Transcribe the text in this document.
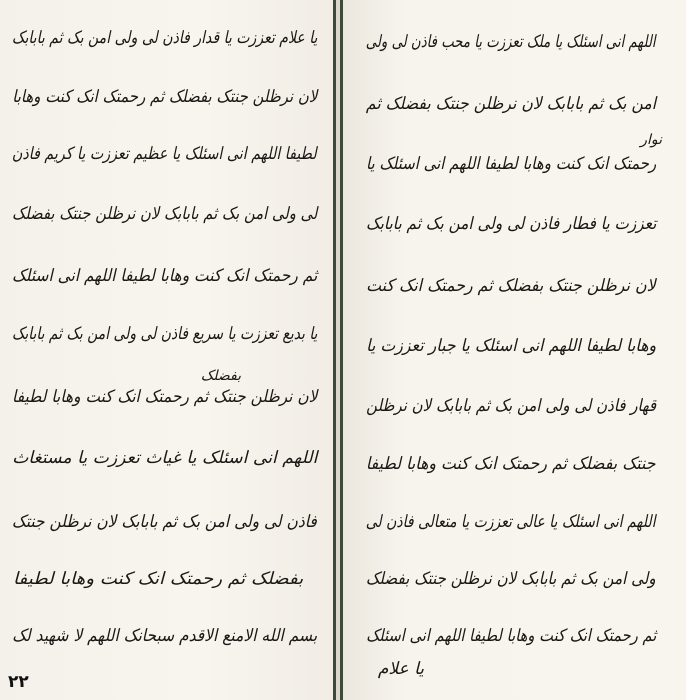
یا علام تعززت یا قدار فاذن لی ولی امن بک ثم بابابک
لان نرظلن جنتک بفضلک ثم رحمتک انک کنت وهابا
لطیفا اللهم انی اسئلک یا عظیم تعززت یا کریم فاذن
لی ولی امن بک ثم بابابک لان نرظلن جنتک بفضلک
ثم رحمتک انک کنت وهابا لطیفا اللهم انی اسئلک
یا بدیع تعززت یا سریع فاذن لی ولی امن بک ثم بابابک
بفضلک
لان نرظلن جنتک ثم رحمتک انک کنت وهابا لطیفا
اللهم انی اسئلک یا غیاث تعززت یا مستغاث
فاذن لی ولی امن بک ثم بابابک لان نرظلن جنتک
بفضلک ثم رحمتک انک کنت وهابا لطیفا
بسم الله الامنع الاقدم سبحانک اللهم لا شهید لک
۲۲
اللهم انی اسئلک یا ملک تعززت یا محب فاذن لی ولی
امن بک ثم بابابک لان نرظلن جنتک بفضلک ثم
نوار
رحمتک انک کنت وهابا لطیفا اللهم انی اسئلک یا
تعززت یا فطار فاذن لی ولی امن بک ثم بابابک
لان نرظلن جنتک بفضلک ثم رحمتک انک کنت
وهابا لطیفا اللهم انی اسئلک یا جبار تعززت یا
قهار فاذن لی ولی امن بک ثم بابابک لان نرظلن
جنتک بفضلک ثم رحمتک انک کنت وهابا لطیفا
اللهم انی اسئلک یا عالی تعززت یا متعالی فاذن لی
ولی امن بک ثم بابابک لان نرظلن جنتک بفضلک
ثم رحمتک انک کنت وهابا لطیفا اللهم انی اسئلک
یا علام
